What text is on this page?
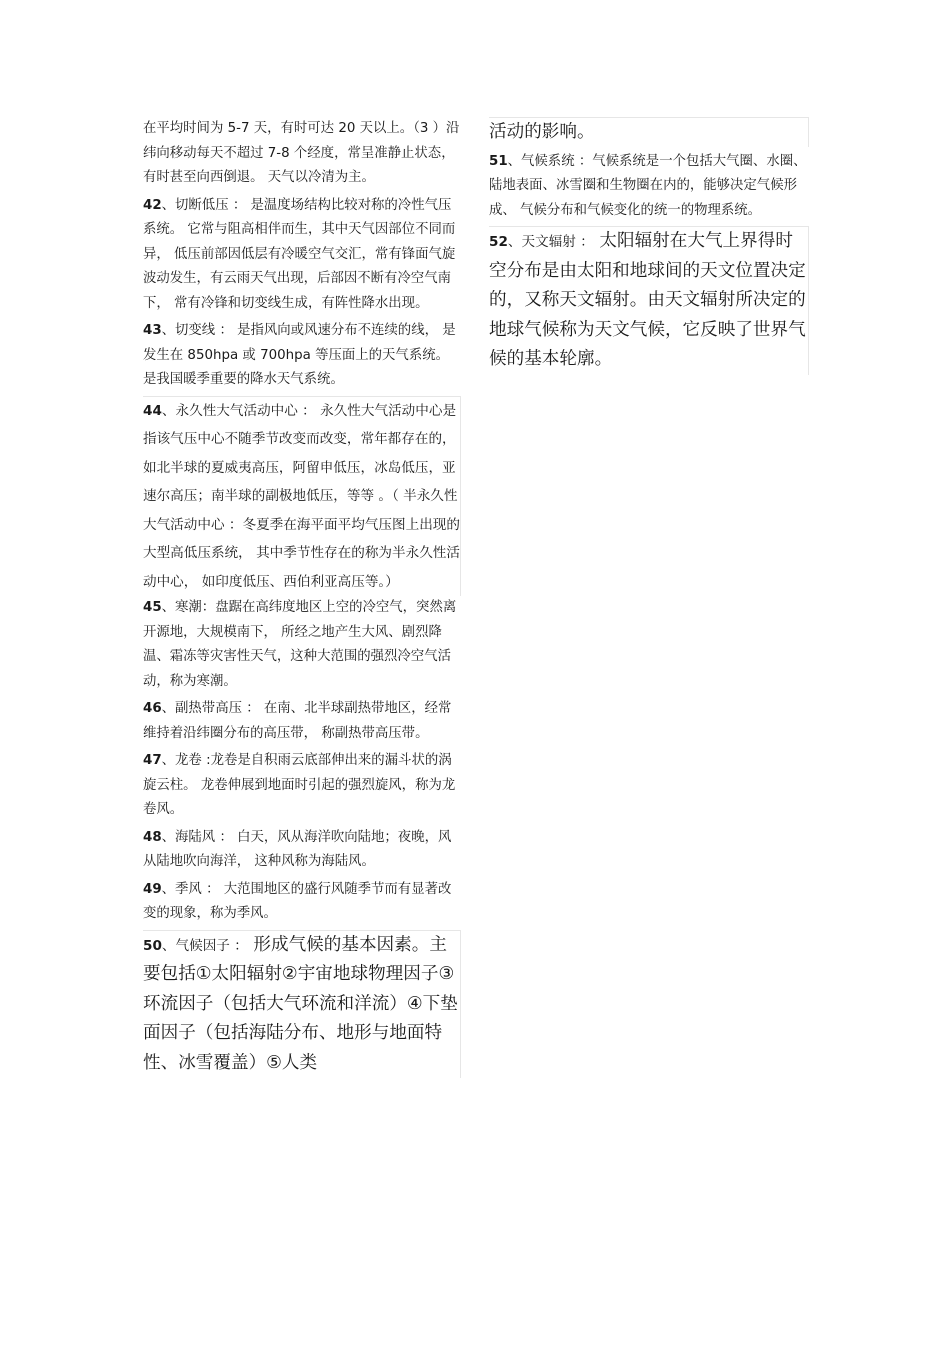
在平均时间为 5-7 天，有时可达 20 天以上。（3 ）沿纬向移动每天不超过 7-8 个经度，常呈准静止状态， 有时甚至向西倒退。 天气以冷清为主。

42、切断低压 ： 是温度场结构比较对称的冷性气压系统。 它常与阻高相伴而生，其中天气因部位不同而异， 低压前部因低层有冷暖空气交汇，常有锋面气旋波动发生，有云雨天气出现，后部因不断有冷空气南下， 常有冷锋和切变线生成，有阵性降水出现。

43、切变线 ： 是指风向或风速分布不连续的线， 是发生在 850hpa 或 700hpa 等压面上的天气系统。是我国暖季重要的降水天气系统。

44、永久性大气活动中心 ： 永久性大气活动中心是指该气压中心不随季节改变而改变，常年都存在的，如北半球的夏威夷高压，阿留申低压，冰岛低压，亚速尔高压；南半球的副极地低压，等等 。（ 半永久性大气活动中心 ：冬夏季在海平面平均气压图上出现的大型高低压系统， 其中季节性存在的称为半永久性活动中心， 如印度低压、西伯利亚高压等。）

45、寒潮：盘踞在高纬度地区上空的冷空气，突然离开源地，大规模南下， 所经之地产生大风、剧烈降温、霜冻等灾害性天气，这种大范围的强烈冷空气活动，称为寒潮。

46、副热带高压 ： 在南、北半球副热带地区，经常维持着沿纬圈分布的高压带， 称副热带高压带。

47、龙卷 :龙卷是自积雨云底部伸出来的漏斗状的涡旋云柱。 龙卷伸展到地面时引起的强烈旋风，称为龙卷风。

48、海陆风 ： 白天，风从海洋吹向陆地；夜晚，风从陆地吹向海洋， 这种风称为海陆风。

49、季风 ： 大范围地区的盛行风随季节而有显著改变的现象，称为季风。

50、气候因子 ： 形成气候的基本因素。主要包括①太阳辐射②宇宙地球物理因子③环流因子（包括大气环流和洋流）④下垫面因子（包括海陆分布、地形与地面特性、冰雪覆盖）⑤人类

活动的影响。

51、气候系统 ：气候系统是一个包括大气圈、水圈、陆地表面、冰雪圈和生物圈在内的，能够决定气候形成、 气候分布和气候变化的统一的物理系统。

52、天文辐射 ： 太阳辐射在大气上界得时空分布是由太阳和地球间的天文位置决定的，又称天文辐射。由天文辐射所决定的地球气候称为天文气候，它反映了世界气候的基本轮廓。
